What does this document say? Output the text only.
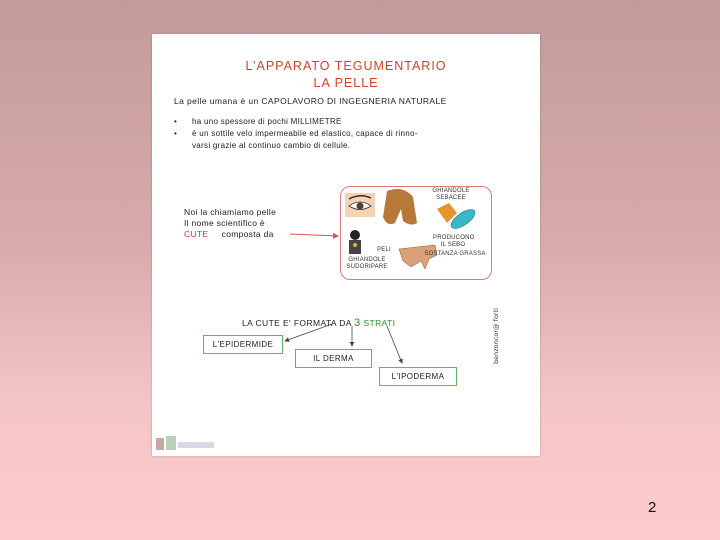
L’APPARATO TEGUMENTARIO
LA PELLE
La pelle umana è un CAPOLAVORO DI INGEGNERIA NATURALE
•	ha uno spessore di pochi MILLIMETRE
•	è un sottile velo impermeabile ed elastico, capace di rinno-
varsi grazie al continuo cambio di cellule.
Noi la chiamiamo pelle
Il nome scientifico è
CUTE composta da
GHIANDOLE SEBACEE
PRODUCONO IL SEBO
SOSTANZA GRASSA
PELI
GHIANDOLE SUDORIPARE
LA CUTE E' FORMATA DA 3 STRATI
L'EPIDERMIDE
IL DERMA
L'IPODERMA
benzoncor@ forti
2
